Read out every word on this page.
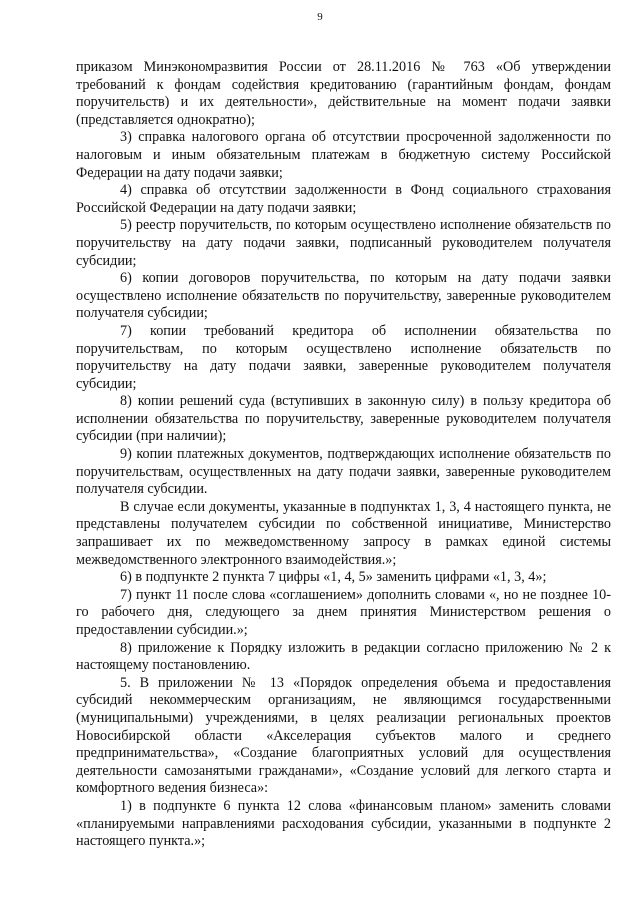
9

приказом Минэкономразвития России от 28.11.2016 № 763 «Об утверждении требований к фондам содействия кредитованию (гарантийным фондам, фондам поручительств) и их деятельности», действительные на момент подачи заявки (представляется однократно);

3) справка налогового органа об отсутствии просроченной задолженности по налоговым и иным обязательным платежам в бюджетную систему Российской Федерации на дату подачи заявки;

4) справка об отсутствии задолженности в Фонд социального страхования Российской Федерации на дату подачи заявки;

5) реестр поручительств, по которым осуществлено исполнение обязательств по поручительству на дату подачи заявки, подписанный руководителем получателя субсидии;

6) копии договоров поручительства, по которым на дату подачи заявки осуществлено исполнение обязательств по поручительству, заверенные руководителем получателя субсидии;

7) копии требований кредитора об исполнении обязательства по поручительствам, по которым осуществлено исполнение обязательств по поручительству на дату подачи заявки, заверенные руководителем получателя субсидии;

8) копии решений суда (вступивших в законную силу) в пользу кредитора об исполнении обязательства по поручительству, заверенные руководителем получателя субсидии (при наличии);

9) копии платежных документов, подтверждающих исполнение обязательств по поручительствам, осуществленных на дату подачи заявки, заверенные руководителем получателя субсидии.

В случае если документы, указанные в подпунктах 1, 3, 4 настоящего пункта, не представлены получателем субсидии по собственной инициативе, Министерство запрашивает их по межведомственному запросу в рамках единой системы межведомственного электронного взаимодействия.»;

6) в подпункте 2 пункта 7 цифры «1, 4, 5» заменить цифрами «1, 3, 4»;

7) пункт 11 после слова «соглашением» дополнить словами «, но не позднее 10-го рабочего дня, следующего за днем принятия Министерством решения о предоставлении субсидии.»;

8) приложение к Порядку изложить в редакции согласно приложению № 2 к настоящему постановлению.

5. В приложении № 13 «Порядок определения объема и предоставления субсидий некоммерческим организациям, не являющимся государственными (муниципальными) учреждениями, в целях реализации региональных проектов Новосибирской области «Акселерация субъектов малого и среднего предпринимательства», «Создание благоприятных условий для осуществления деятельности самозанятыми гражданами», «Создание условий для легкого старта и комфортного ведения бизнеса»:

1) в подпункте 6 пункта 12 слова «финансовым планом» заменить словами «планируемыми направлениями расходования субсидии, указанными в подпункте 2 настоящего пункта.»;
